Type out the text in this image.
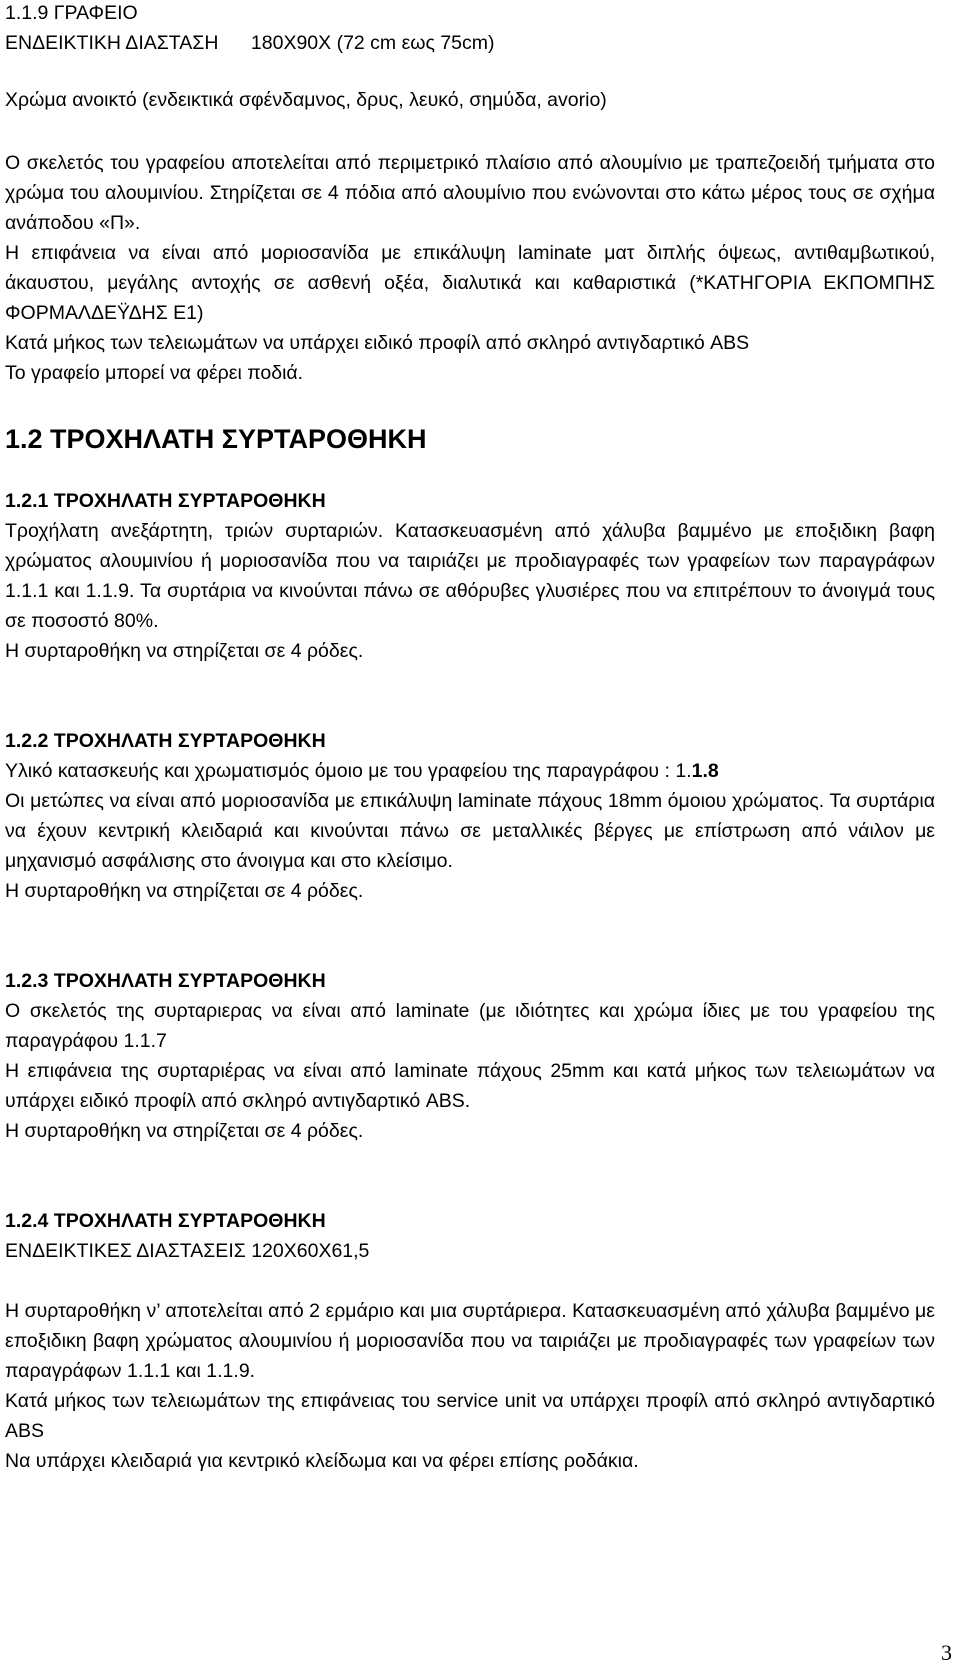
1.1.9 ΓΡΑΦΕΙΟ

ΕΝΔΕΙΚΤΙΚΗ ΔΙΑΣΤΑΣΗ      180Χ90Χ (72 cm εως 75cm)

Χρώμα ανοικτό (ενδεικτικά σφένδαμνος, δρυς, λευκό, σημύδα, avorio)

Ο σκελετός του γραφείου αποτελείται από περιμετρικό πλαίσιο από αλουμίνιο με τραπεζοειδή τμήματα στο χρώμα του αλουμινίου. Στηρίζεται σε 4 πόδια από αλουμίνιο που ενώνονται στο κάτω μέρος τους σε σχήμα ανάποδου «Π».

Η επιφάνεια να είναι από μοριοσανίδα με επικάλυψη laminate ματ διπλής όψεως, αντιθαμβωτικού, άκαυστου, μεγάλης αντοχής σε ασθενή οξέα, διαλυτικά και καθαριστικά (*ΚΑΤΗΓΟΡΙΑ ΕΚΠΟΜΠΗΣ ΦΟΡΜΑΛΔΕΫΔΗΣ Ε1)

Κατά μήκος των τελειωμάτων να υπάρχει ειδικό προφίλ από σκληρό αντιγδαρτικό ABS

Το γραφείο μπορεί να φέρει ποδιά.

1.2 ΤΡΟΧΗΛΑΤΗ ΣΥΡΤΑΡΟΘΗΚΗ

1.2.1 ΤΡΟΧΗΛΑΤΗ ΣΥΡΤΑΡΟΘΗΚΗ

Τροχήλατη ανεξάρτητη, τριών συρταριών. Κατασκευασμένη από χάλυβα βαμμένο με εποξιδικη βαφη χρώματος αλουμινίου ή μοριοσανίδα που να ταιριάζει με προδιαγραφές των γραφείων των παραγράφων 1.1.1 και 1.1.9. Τα συρτάρια να κινούνται πάνω σε αθόρυβες γλυσιέρες που να επιτρέπουν το άνοιγμά τους σε ποσοστό 80%.

Η συρταροθήκη να στηρίζεται σε 4 ρόδες.

1.2.2 ΤΡΟΧΗΛΑΤΗ ΣΥΡΤΑΡΟΘΗΚΗ

Υλικό κατασκευής και χρωματισμός όμοιο με του γραφείου της παραγράφου : 1.1.8

Οι μετώπες να είναι από μοριοσανίδα με επικάλυψη laminate πάχους 18mm όμοιου χρώματος. Τα συρτάρια να έχουν κεντρική κλειδαριά και κινούνται πάνω σε μεταλλικές βέργες με επίστρωση από νάιλον με μηχανισμό ασφάλισης στο άνοιγμα και στο κλείσιμο.

Η συρταροθήκη να στηρίζεται σε 4 ρόδες.

1.2.3 ΤΡΟΧΗΛΑΤΗ ΣΥΡΤΑΡΟΘΗΚΗ

Ο σκελετός της συρταριερας να είναι από laminate (με ιδιότητες και χρώμα ίδιες με του γραφείου της παραγράφου 1.1.7

Η επιφάνεια της συρταριέρας να είναι από laminate πάχους 25mm και κατά μήκος των τελειωμάτων να υπάρχει ειδικό προφίλ από σκληρό αντιγδαρτικό ABS.

Η συρταροθήκη να στηρίζεται σε 4 ρόδες.

1.2.4 ΤΡΟΧΗΛΑΤΗ ΣΥΡΤΑΡΟΘΗΚΗ

ΕΝΔΕΙΚΤΙΚΕΣ ΔΙΑΣΤΑΣΕΙΣ 120Χ60Χ61,5

Η συρταροθήκη ν’ αποτελείται από 2 ερμάριο και μια συρτάριερα. Κατασκευασμένη από χάλυβα βαμμένο με εποξιδικη βαφη χρώματος αλουμινίου ή μοριοσανίδα που να ταιριάζει με προδιαγραφές των γραφείων των παραγράφων 1.1.1 και 1.1.9.

Κατά μήκος των τελειωμάτων της επιφάνειας του service unit να υπάρχει προφίλ από σκληρό αντιγδαρτικό ABS

Να υπάρχει κλειδαριά για κεντρικό κλείδωμα και να φέρει επίσης ροδάκια.

3
